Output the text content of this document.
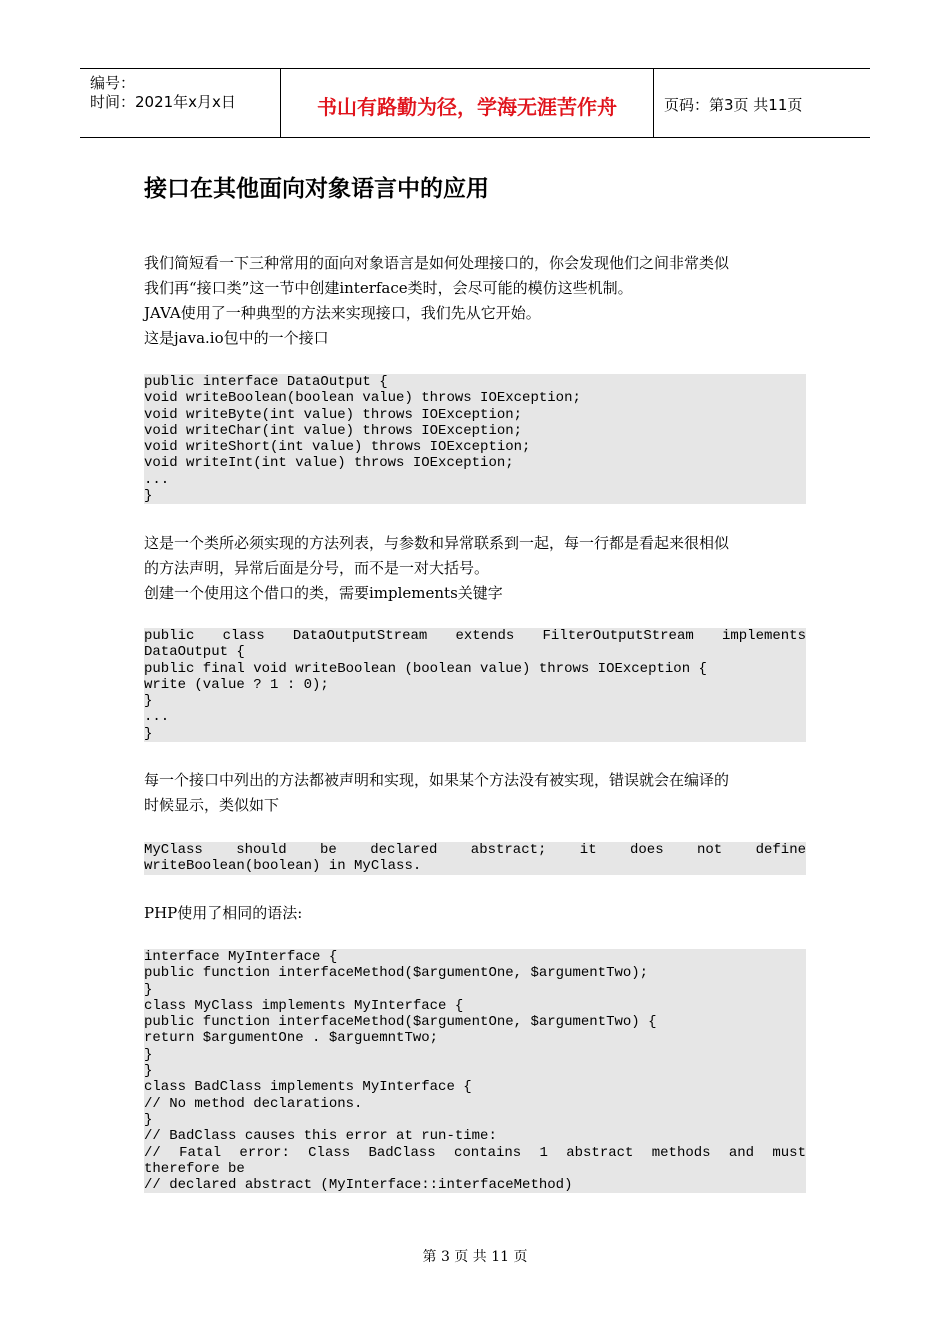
编号：
时间：2021年x月x日	书山有路勤为径，学海无涯苦作舟	页码：第3页 共11页
接口在其他面向对象语言中的应用
我们简短看一下三种常用的面向对象语言是如何处理接口的，你会发现他们之间非常类似
我们再“接口类”这一节中创建interface类时，会尽可能的模仿这些机制。
JAVA使用了一种典型的方法来实现接口，我们先从它开始。
这是java.io包中的一个接口
public interface DataOutput {
void writeBoolean(boolean value) throws IOException;
void writeByte(int value) throws IOException;
void writeChar(int value) throws IOException;
void writeShort(int value) throws IOException;
void writeInt(int value) throws IOException;
...
}
这是一个类所必须实现的方法列表，与参数和异常联系到一起，每一行都是看起来很相似
的方法声明，异常后面是分号，而不是一对大括号。
创建一个使用这个借口的类，需要implements关键字
public class DataOutputStream extends FilterOutputStream implements
DataOutput {
public final void writeBoolean (boolean value) throws IOException {
write (value ? 1 : 0);
}
...
}
每一个接口中列出的方法都被声明和实现，如果某个方法没有被实现，错误就会在编译的
时候显示，类似如下
MyClass should be declared abstract; it does not define
writeBoolean(boolean) in MyClass.
PHP使用了相同的语法:
interface MyInterface {
public function interfaceMethod($argumentOne, $argumentTwo);
}
class MyClass implements MyInterface {
public function interfaceMethod($argumentOne, $argumentTwo) {
return $argumentOne . $arguemntTwo;
}
}
class BadClass implements MyInterface {
// No method declarations.
}
// BadClass causes this error at run-time:
// Fatal error: Class BadClass contains 1 abstract methods and must
therefore be
// declared abstract (MyInterface::interfaceMethod)
第 3 页 共 11 页
